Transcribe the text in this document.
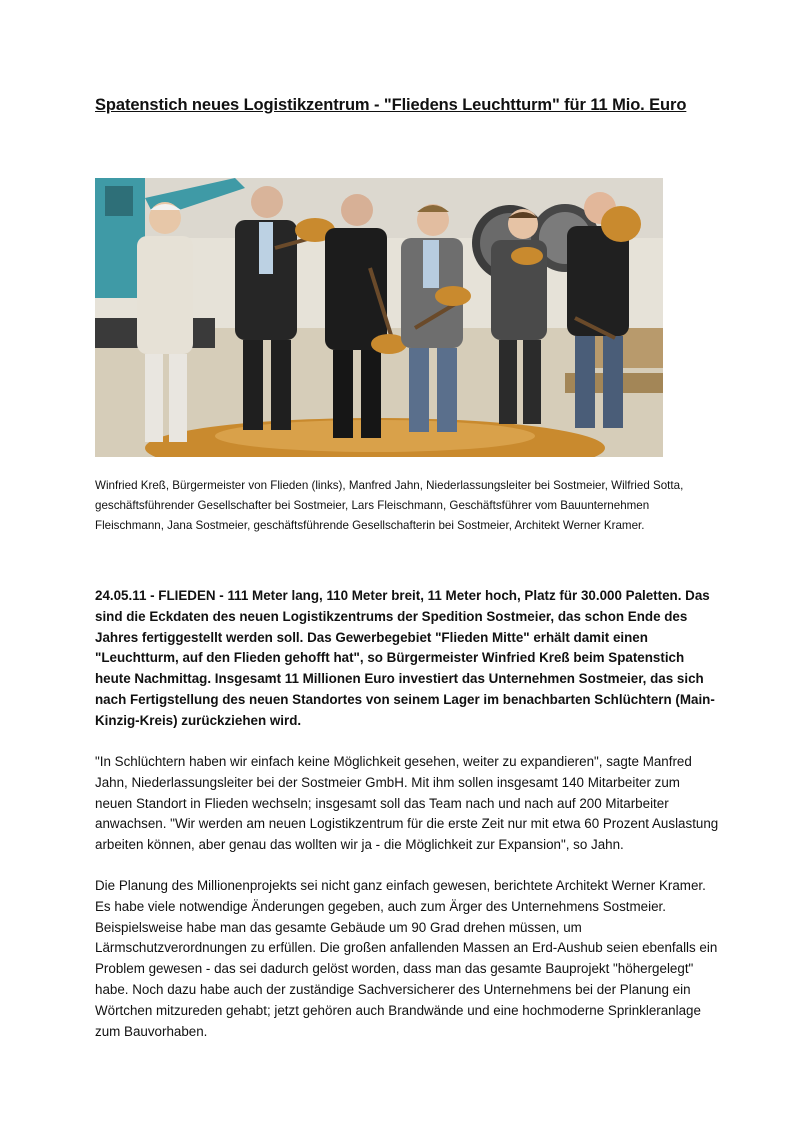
Spatenstich neues Logistikzentrum - "Fliedens Leuchtturm" für 11 Mio. Euro
Winfried Kreß, Bürgermeister von Flieden (links), Manfred Jahn, Niederlassungsleiter bei Sostmeier, Wilfried Sotta, geschäftsführender Gesellschafter bei Sostmeier, Lars Fleischmann, Geschäftsführer vom Bauunternehmen Fleischmann, Jana Sostmeier, geschäftsführende Gesellschafterin bei Sostmeier, Architekt Werner Kramer.
24.05.11 - FLIEDEN - 111 Meter lang, 110 Meter breit, 11 Meter hoch, Platz für 30.000 Paletten. Das sind die Eckdaten des neuen Logistikzentrums der Spedition Sostmeier, das schon Ende des Jahres fertiggestellt werden soll. Das Gewerbegebiet "Flieden Mitte" erhält damit einen "Leuchtturm, auf den Flieden gehofft hat", so Bürgermeister Winfried Kreß beim Spatenstich heute Nachmittag. Insgesamt 11 Millionen Euro investiert das Unternehmen Sostmeier, das sich nach Fertigstellung des neuen Standortes von seinem Lager im benachbarten Schlüchtern (Main-Kinzig-Kreis) zurückziehen wird.
"In Schlüchtern haben wir einfach keine Möglichkeit gesehen, weiter zu expandieren", sagte Manfred Jahn, Niederlassungsleiter bei der Sostmeier GmbH. Mit ihm sollen insgesamt 140 Mitarbeiter zum neuen Standort in Flieden wechseln; insgesamt soll das Team nach und nach auf 200 Mitarbeiter anwachsen. "Wir werden am neuen Logistikzentrum für die erste Zeit nur mit etwa 60 Prozent Auslastung arbeiten können, aber genau das wollten wir ja - die Möglichkeit zur Expansion", so Jahn.
Die Planung des Millionenprojekts sei nicht ganz einfach gewesen, berichtete Architekt Werner Kramer. Es habe viele notwendige Änderungen gegeben, auch zum Ärger des Unternehmens Sostmeier. Beispielsweise habe man das gesamte Gebäude um 90 Grad drehen müssen, um Lärmschutzverordnungen zu erfüllen. Die großen anfallenden Massen an Erd-Aushub seien ebenfalls ein Problem gewesen - das sei dadurch gelöst worden, dass man das gesamte Bauprojekt "höhergelegt" habe. Noch dazu habe auch der zuständige Sachversicherer des Unternehmens bei der Planung ein Wörtchen mitzureden gehabt; jetzt gehören auch Brandwände und eine hochmoderne Sprinkleranlage zum Bauvorhaben.
